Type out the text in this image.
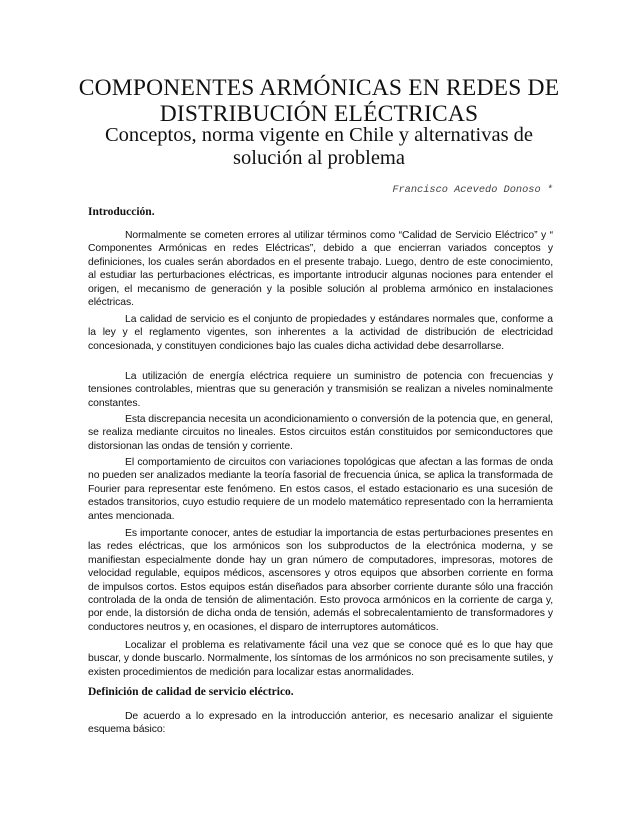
COMPONENTES ARMÓNICAS EN REDES DE
DISTRIBUCIÓN ELÉCTRICAS
Conceptos, norma vigente en Chile y alternativas de
solución al problema
Francisco Acevedo Donoso *
Introducción.

Normalmente se cometen errores al utilizar términos como “Calidad de Servicio Eléctrico” y “ Componentes Armónicas en redes Eléctricas”, debido a que encierran variados conceptos y definiciones, los cuales serán abordados en el presente trabajo. Luego, dentro de este conocimiento, al estudiar las perturbaciones eléctricas, es importante introducir algunas nociones para entender el origen, el mecanismo de generación y la posible solución al problema armónico en instalaciones eléctricas.

La calidad de servicio es el conjunto de propiedades y estándares normales que, conforme a la ley y el reglamento vigentes, son inherentes a la actividad de distribución de electricidad concesionada, y constituyen condiciones bajo las cuales dicha actividad debe desarrollarse.

La utilización de energía eléctrica requiere un suministro de potencia con frecuencias y tensiones controlables, mientras que su generación y transmisión se realizan a niveles nominalmente constantes.

Esta discrepancia necesita un acondicionamiento o conversión de la potencia que, en general, se realiza mediante circuitos no lineales. Estos circuitos están constituidos por semiconductores que distorsionan las ondas de tensión y corriente.

El comportamiento de circuitos con variaciones topológicas que afectan a las formas de onda no pueden ser analizados mediante la teoría fasorial de frecuencia única, se aplica la transformada de Fourier para representar este fenómeno. En estos casos, el estado estacionario es una sucesión de estados transitorios, cuyo estudio requiere de un modelo matemático representado con la herramienta antes mencionada.

Es importante conocer, antes de estudiar la importancia de estas perturbaciones presentes en las redes eléctricas, que los armónicos son los subproductos de la electrónica moderna, y se manifiestan especialmente donde hay un gran número de computadores, impresoras, motores de velocidad regulable, equipos médicos, ascensores y otros equipos que absorben corriente en forma de impulsos cortos. Estos equipos están diseñados para absorber corriente durante sólo una fracción controlada de la onda de tensión de alimentación. Esto provoca armónicos en la corriente de carga y, por ende, la distorsión de dicha onda de tensión, además el sobrecalentamiento de transformadores y conductores neutros y, en ocasiones, el disparo de interruptores automáticos.

Localizar el problema es relativamente fácil una vez que se conoce qué es lo que hay que buscar, y donde buscarlo. Normalmente, los síntomas de los armónicos no son precisamente sutiles, y existen procedimientos de medición para localizar estas anormalidades.

Definición de calidad de servicio eléctrico.

De acuerdo a lo expresado en la introducción anterior, es necesario analizar el siguiente esquema básico:
